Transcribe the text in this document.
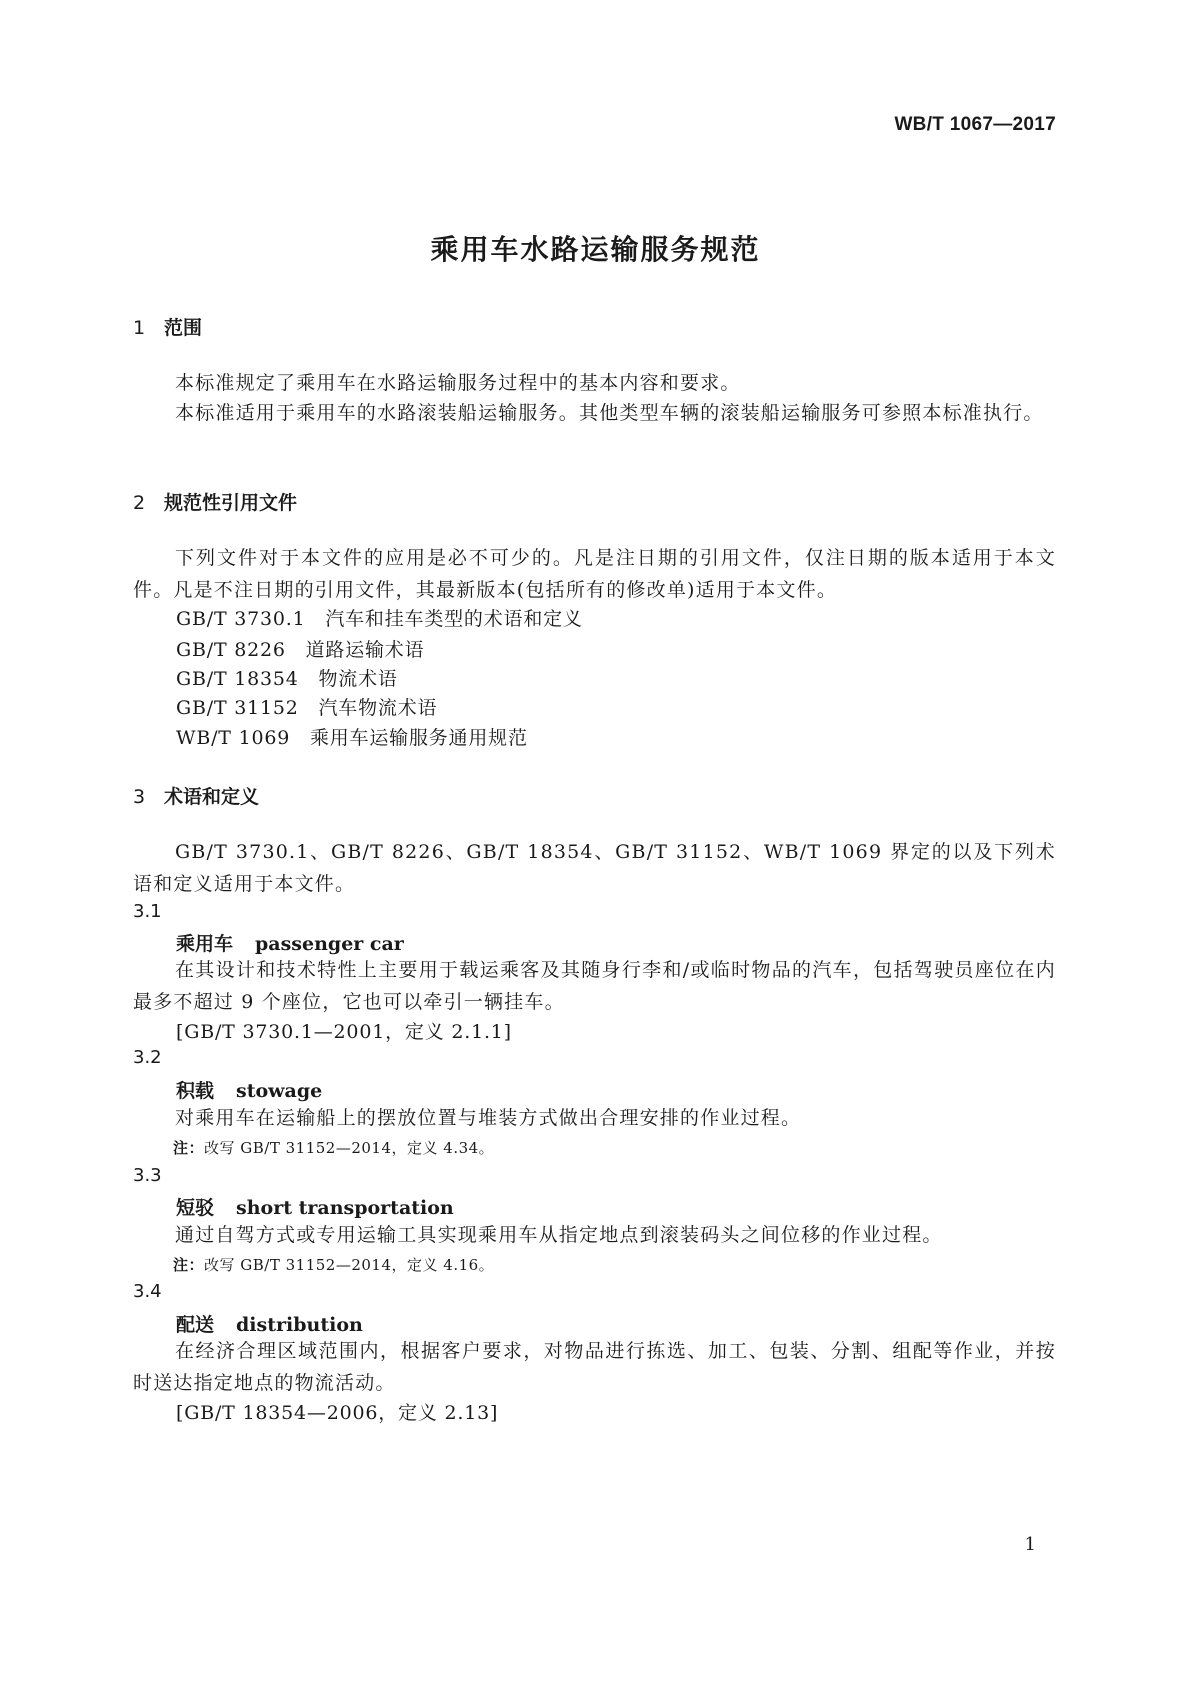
WB/T 1067—2017
乘用车水路运输服务规范
1 范围
本标准规定了乘用车在水路运输服务过程中的基本内容和要求。
本标准适用于乘用车的水路滚装船运输服务。其他类型车辆的滚装船运输服务可参照本标准执行。
2 规范性引用文件
下列文件对于本文件的应用是必不可少的。凡是注日期的引用文件，仅注日期的版本适用于本文件。凡是不注日期的引用文件，其最新版本(包括所有的修改单)适用于本文件。
GB/T 3730.1　汽车和挂车类型的术语和定义
GB/T 8226　道路运输术语
GB/T 18354　物流术语
GB/T 31152　汽车物流术语
WB/T 1069　乘用车运输服务通用规范
3 术语和定义
GB/T 3730.1、GB/T 8226、GB/T 18354、GB/T 31152、WB/T 1069 界定的以及下列术语和定义适用于本文件。
3.1
乘用车 passenger car
在其设计和技术特性上主要用于载运乘客及其随身行李和/或临时物品的汽车，包括驾驶员座位在内最多不超过 9 个座位，它也可以牵引一辆挂车。
[GB/T 3730.1—2001，定义 2.1.1]
3.2
积载 stowage
对乘用车在运输船上的摆放位置与堆装方式做出合理安排的作业过程。
注：改写 GB/T 31152—2014，定义 4.34。
3.3
短驳 short transportation
通过自驾方式或专用运输工具实现乘用车从指定地点到滚装码头之间位移的作业过程。
注：改写 GB/T 31152—2014，定义 4.16。
3.4
配送 distribution
在经济合理区域范围内，根据客户要求，对物品进行拣选、加工、包装、分割、组配等作业，并按时送达指定地点的物流活动。
[GB/T 18354—2006，定义 2.13]
1
